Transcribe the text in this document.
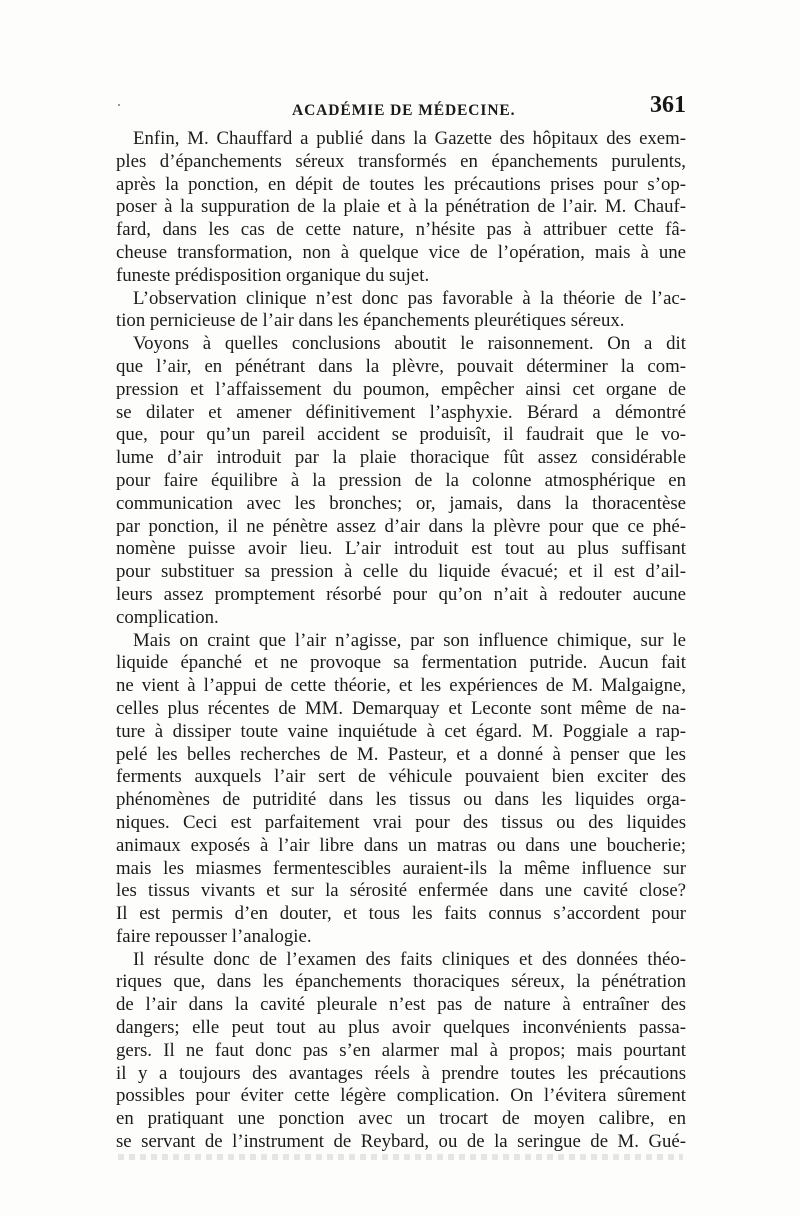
ACADÉMIE DE MÉDECINE.	361
Enfin, M. Chauffard a publié dans la Gazette des hôpitaux des exem-
ples d’épanchements séreux transformés en épanchements purulents,
après la ponction, en dépit de toutes les précautions prises pour s’op-
poser à la suppuration de la plaie et à la pénétration de l’air. M. Chauf-
fard, dans les cas de cette nature, n’hésite pas à attribuer cette fâ-
cheuse transformation, non à quelque vice de l’opération, mais à une
funeste prédisposition organique du sujet.
L’observation clinique n’est donc pas favorable à la théorie de l’ac-
tion pernicieuse de l’air dans les épanchements pleurétiques séreux.
Voyons à quelles conclusions aboutit le raisonnement. On a dit
que l’air, en pénétrant dans la plèvre, pouvait déterminer la com-
pression et l’affaissement du poumon, empêcher ainsi cet organe de
se dilater et amener définitivement l’asphyxie. Bérard a démontré
que, pour qu’un pareil accident se produisît, il faudrait que le vo-
lume d’air introduit par la plaie thoracique fût assez considérable
pour faire équilibre à la pression de la colonne atmosphérique en
communication avec les bronches; or, jamais, dans la thoracentèse
par ponction, il ne pénètre assez d’air dans la plèvre pour que ce phé-
nomène puisse avoir lieu. L’air introduit est tout au plus suffisant
pour substituer sa pression à celle du liquide évacué; et il est d’ail-
leurs assez promptement résorbé pour qu’on n’ait à redouter aucune
complication.
Mais on craint que l’air n’agisse, par son influence chimique, sur le
liquide épanché et ne provoque sa fermentation putride. Aucun fait
ne vient à l’appui de cette théorie, et les expériences de M. Malgaigne,
celles plus récentes de MM. Demarquay et Leconte sont même de na-
ture à dissiper toute vaine inquiétude à cet égard. M. Poggiale a rap-
pelé les belles recherches de M. Pasteur, et a donné à penser que les
ferments auxquels l’air sert de véhicule pouvaient bien exciter des
phénomènes de putridité dans les tissus ou dans les liquides orga-
niques. Ceci est parfaitement vrai pour des tissus ou des liquides
animaux exposés à l’air libre dans un matras ou dans une boucherie;
mais les miasmes fermentescibles auraient-ils la même influence sur
les tissus vivants et sur la sérosité enfermée dans une cavité close?
Il est permis d’en douter, et tous les faits connus s’accordent pour
faire repousser l’analogie.
Il résulte donc de l’examen des faits cliniques et des données théo-
riques que, dans les épanchements thoraciques séreux, la pénétration
de l’air dans la cavité pleurale n’est pas de nature à entraîner des
dangers; elle peut tout au plus avoir quelques inconvénients passa-
gers. Il ne faut donc pas s’en alarmer mal à propos; mais pourtant
il y a toujours des avantages réels à prendre toutes les précautions
possibles pour éviter cette légère complication. On l’évitera sûrement
en pratiquant une ponction avec un trocart de moyen calibre, en
se servant de l’instrument de Reybard, ou de la seringue de M. Gué-
